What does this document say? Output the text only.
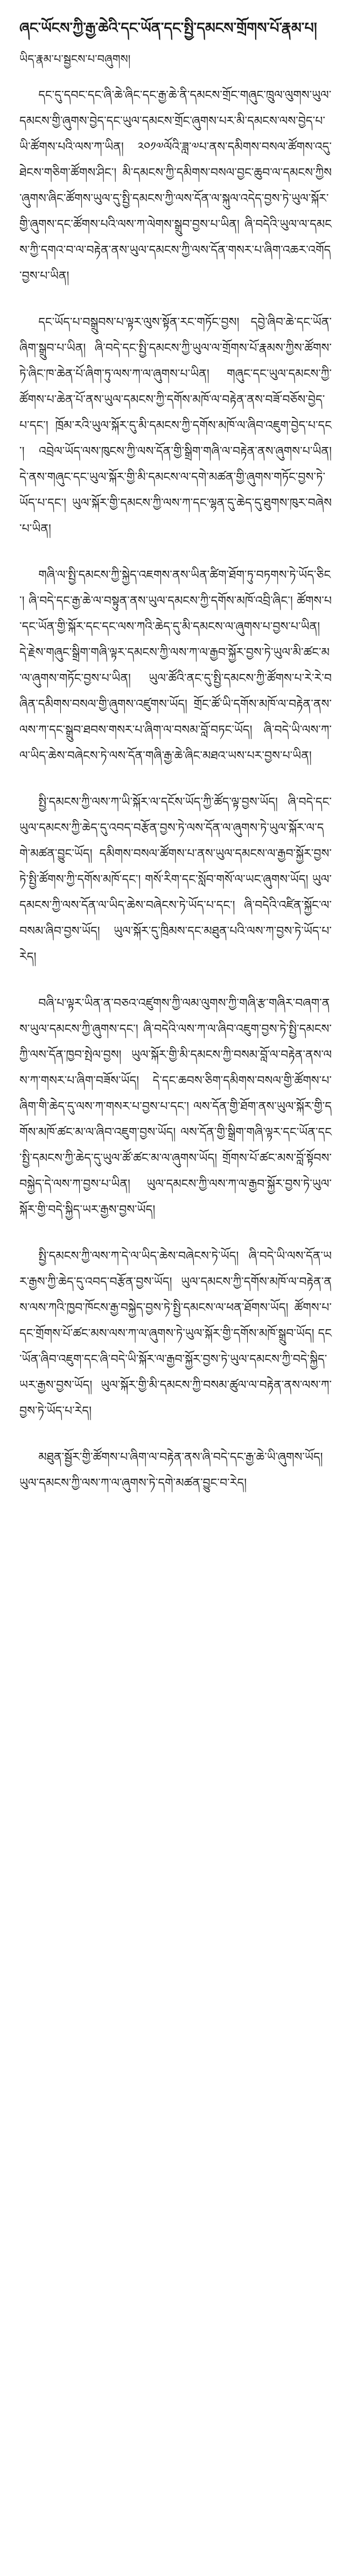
ཞང་ཡོངས་ཀྱི་རྒྱ་ཆེའི་དང་ཡོན་དང་སྤྱི་དམངས་གྲོགས་པོ་རྣམ་པ།
ཡིད་རྣམ་པ་སྦྱངས་པ་བཞུགས།

དང་དུ་དབང་དང་ཞི་ཆེ་ཞིང་དང་རྒྱ་ཆེ་ནི་དམངས་གྲོང་གཞུང་ཁྲུལ་ལུགས་ཡུལ་དམངས་གྱི་ཞུགས་བྱེད་དང་ཡུལ་དམངས་གྲོང་ཞུགས་པར་མི་དམངས་ལས་བྱེད་པ་ཡི་ཚོགས་པའི་ལས་ཀ་ཡིན། ༢༠༡༧ལོའི་ཟླ་༧པ་ནས་དམིགས་བསལ་ཚོགས་འདུ་ཐེངས་གཅིག་ཚོགས་ཤིང་། མི་དམངས་ཀྱི་དམིགས་བསལ་བྱང་ཆུབ་ལ་དམངས་ཀྱིས་ཞུགས་ཞིང་ཚོགས་ཡུལ་དུ་སྤྱི་དམངས་ཀྱི་ལས་དོན་ལ་སྐུལ་འདེད་བྱས་ཏེ་ཡུལ་སྐོར་གྱི་ཞུགས་དང་ཚོགས་པའི་ལས་ཀ་ལེགས་སྒྲུབ་བྱས་པ་ཡིན། ཞི་བདེའི་ཡུལ་ལ་དམངས་ཀྱི་དགའ་བ་ལ་བརྟེན་ནས་ཡུལ་དམངས་ཀྱི་ལས་དོན་གསར་པ་ཞིག་འཆར་འགོད་བྱས་པ་ཡིན།

དང་ཡོད་པ་བསྒྲུབས་པ་ལྟར་ལུས་སྟོན་རང་གཏོང་བྱས། དབྱེ་ཞིབ་ཆེ་དང་ཡོན་ཞིག་སྒྲུབ་པ་ཡིན། ཞི་བདེ་དང་སྤྱི་དམངས་ཀྱི་ཡུལ་ལ་གྲོགས་པོ་རྣམས་ཀྱིས་ཚོགས་ཏེ་ཞིང་ཁ་ཆེན་པོ་ཞིག་ཏུ་ལས་ཀ་ལ་ཞུགས་པ་ཡིན། གཞུང་དང་ཡུལ་དམངས་ཀྱི་ཚོགས་པ་ཆེན་པོ་ནས་ཡུལ་དམངས་ཀྱི་དགོས་མཁོ་ལ་བརྟེན་ནས་བཟོ་བཅོས་བྱེད་པ་དང་། ཁྲོམ་རའི་ཡུལ་སྐོར་དུ་མི་དམངས་ཀྱི་དགོས་མཁོ་ལ་ཞིབ་འཇུག་བྱེད་པ་དང་། འབྲེལ་ཡོད་ལས་ཁུངས་ཀྱི་ལས་དོན་གྱི་སྒྲིག་གཞི་ལ་བརྟེན་ནས་ཞུགས་པ་ཡིན། དེ་ནས་གཞུང་དང་ཡུལ་སྐོར་གྱི་མི་དམངས་ལ་དགེ་མཚན་གྱི་ཞུགས་གཏོང་བྱས་ཏེ་ཡོད་པ་དང་། ཡུལ་སྐོར་གྱི་དམངས་ཀྱི་ལས་ཀ་དང་ལྷན་དུ་ཆེད་དུ་ཐུགས་ཁུར་བཞེས་པ་ཡིན།

གཞི་ལ་སྤྱི་དམངས་ཀྱི་སྐྱེད་འཇགས་ནས་ཡིན་ཚིག་ཐོག་ཏུ་བཏགས་ཏེ་ཡོད་ཅིང་། ཞི་བདེ་དང་རྒྱ་ཆེ་ལ་བསྟུན་ནས་ཡུལ་དམངས་ཀྱི་དགོས་མཁོ་འབྲི་ཞིང་། ཚོགས་པ་དང་ཡོན་གྱི་སྐོར་དང་དང་ལས་ཀའི་ཆེད་དུ་མི་དམངས་ལ་ཞུགས་པ་བྱས་པ་ཡིན། དེ་རྗེས་གཞུང་སྒྲིག་གཞི་ལྟར་དམངས་ཀྱི་ལས་ཀ་ལ་རྒྱབ་སྐྱོར་བྱས་ཏེ་ཡུལ་མི་ཚང་མ་ལ་ཞུགས་གཏོང་བྱས་པ་ཡིན། ཡུལ་ཚོའི་ནང་དུ་སྤྱི་དམངས་ཀྱི་ཚོགས་པ་རེ་རེ་བཞིན་དམིགས་བསལ་གྱི་ཞུགས་འཛུགས་ཡོད། གྲོང་ཚོ་ཡི་དགོས་མཁོ་ལ་བརྟེན་ནས་ལས་ཀ་དང་སྒྲུབ་ཐབས་གསར་པ་ཞིག་ལ་བསམ་བློ་བཏང་ཡོད། ཞི་བདེ་ཡི་ལས་ཀ་ལ་ཡིད་ཆེས་བཞེངས་ཏེ་ལས་དོན་གཞི་རྒྱ་ཆེ་ཞིང་མཐའ་ཡས་པར་བྱས་པ་ཡིན།

སྤྱི་དམངས་ཀྱི་ལས་ཀ་ཡི་སྐོར་ལ་དངོས་ཡོད་ཀྱི་ཚོད་ལྟ་བྱས་ཡོད། ཞི་བདེ་དང་ཡུལ་དམངས་ཀྱི་ཆེད་དུ་འབད་བརྩོན་བྱས་ཏེ་ལས་དོན་ལ་ཞུགས་ཏེ་ཡུལ་སྐོར་ལ་དགེ་མཚན་བྱུང་ཡོད། དམིགས་བསལ་ཚོགས་པ་ནས་ཡུལ་དམངས་ལ་རྒྱབ་སྐྱོར་བྱས་ཏེ་སྤྱི་ཚོགས་ཀྱི་དགོས་མཁོ་དང་། གསོ་རིག་དང་སློབ་གསོ་ལ་ཡང་ཞུགས་ཡོད། ཡུལ་དམངས་ཀྱི་ལས་དོན་ལ་ཡིད་ཆེས་བཞེངས་ཏེ་ཡོད་པ་དང་། ཞི་བདེའི་འཛིན་སྐྱོང་ལ་བསམ་ཞིབ་བྱས་ཡོད། ཡུལ་སྐོར་དུ་ཁྲིམས་དང་མཐུན་པའི་ལས་ཀ་བྱས་ཏེ་ཡོད་པ་རེད།

བཞི་པ་ལྟར་ཡིན་ན་བཅའ་འཛུགས་ཀྱི་ལམ་ལུགས་ཀྱི་གཞི་རྩ་གཞིར་བཞག་ནས་ཡུལ་དམངས་ཀྱི་ཞུགས་དང་། ཞི་བདེའི་ལས་ཀ་ལ་ཞིབ་འཇུག་བྱས་ཏེ་སྤྱི་དམངས་ཀྱི་ལས་དོན་ཁྱབ་སྤེལ་བྱས། ཡུལ་སྐོར་གྱི་མི་དམངས་ཀྱི་བསམ་བློ་ལ་བརྟེན་ནས་ལས་ཀ་གསར་པ་ཞིག་བཟོས་ཡོད། དེ་དང་ཆབས་ཅིག་དམིགས་བསལ་གྱི་ཚོགས་པ་ཞིག་གི་ཆེད་དུ་ལས་ཀ་གསར་པ་བྱས་པ་དང་། ལས་དོན་གྱི་ཐོག་ནས་ཡུལ་སྐོར་གྱི་དགོས་མཁོ་ཚང་མ་ལ་ཞིབ་འཇུག་བྱས་ཡོད། ལས་དོན་གྱི་སྒྲིག་གཞི་ལྟར་དང་ཡོན་དང་སྤྱི་དམངས་ཀྱི་ཆེད་དུ་ཡུལ་ཚོ་ཚང་མ་ལ་ཞུགས་ཡོད། གྲོགས་པོ་ཚང་མས་བློ་སྟོབས་བསྐྱེད་དེ་ལས་ཀ་བྱས་པ་ཡིན། ཡུལ་དམངས་ཀྱི་ལས་ཀ་ལ་རྒྱབ་སྐྱོར་བྱས་ཏེ་ཡུལ་སྐོར་གྱི་བདེ་སྐྱིད་ཡར་རྒྱས་བྱས་ཡོད།

སྤྱི་དམངས་ཀྱི་ལས་ཀ་དེ་ལ་ཡིད་ཆེས་བཞེངས་ཏེ་ཡོད། ཞི་བདེ་ཡི་ལས་དོན་ཡར་རྒྱས་ཀྱི་ཆེད་དུ་འབད་བརྩོན་བྱས་ཡོད། ཡུལ་དམངས་ཀྱི་དགོས་མཁོ་ལ་བརྟེན་ནས་ལས་ཀའི་ཁྱབ་ཁོངས་རྒྱ་བསྐྱེད་བྱས་ཏེ་སྤྱི་དམངས་ལ་ཕན་ཐོགས་ཡོད། ཚོགས་པ་དང་གྲོགས་པོ་ཚང་མས་ལས་ཀ་ལ་ཞུགས་ཏེ་ཡུལ་སྐོར་གྱི་དགོས་མཁོ་སྒྲུབ་ཡོད། དང་ཡོན་ཞིབ་འཇུག་དང་ཞི་བདེ་ཡི་སྐོར་ལ་རྒྱབ་སྐྱོར་བྱས་ཏེ་ཡུལ་དམངས་ཀྱི་བདེ་སྐྱིད་ཡར་རྒྱས་བྱས་ཡོད། ཡུལ་སྐོར་གྱི་མི་དམངས་ཀྱི་བསམ་ཚུལ་ལ་བརྟེན་ནས་ལས་ཀ་བྱས་ཏེ་ཡོད་པ་རེད།

མཐུན་སྦྱོར་གྱི་ཚོགས་པ་ཞིག་ལ་བརྟེན་ནས་ཞི་བདེ་དང་རྒྱ་ཆེ་ཡི་ཞུགས་ཡོད། ཡུལ་དམངས་ཀྱི་ལས་ཀ་ལ་ཞུགས་ཏེ་དགེ་མཚན་བྱུང་བ་རེད།
